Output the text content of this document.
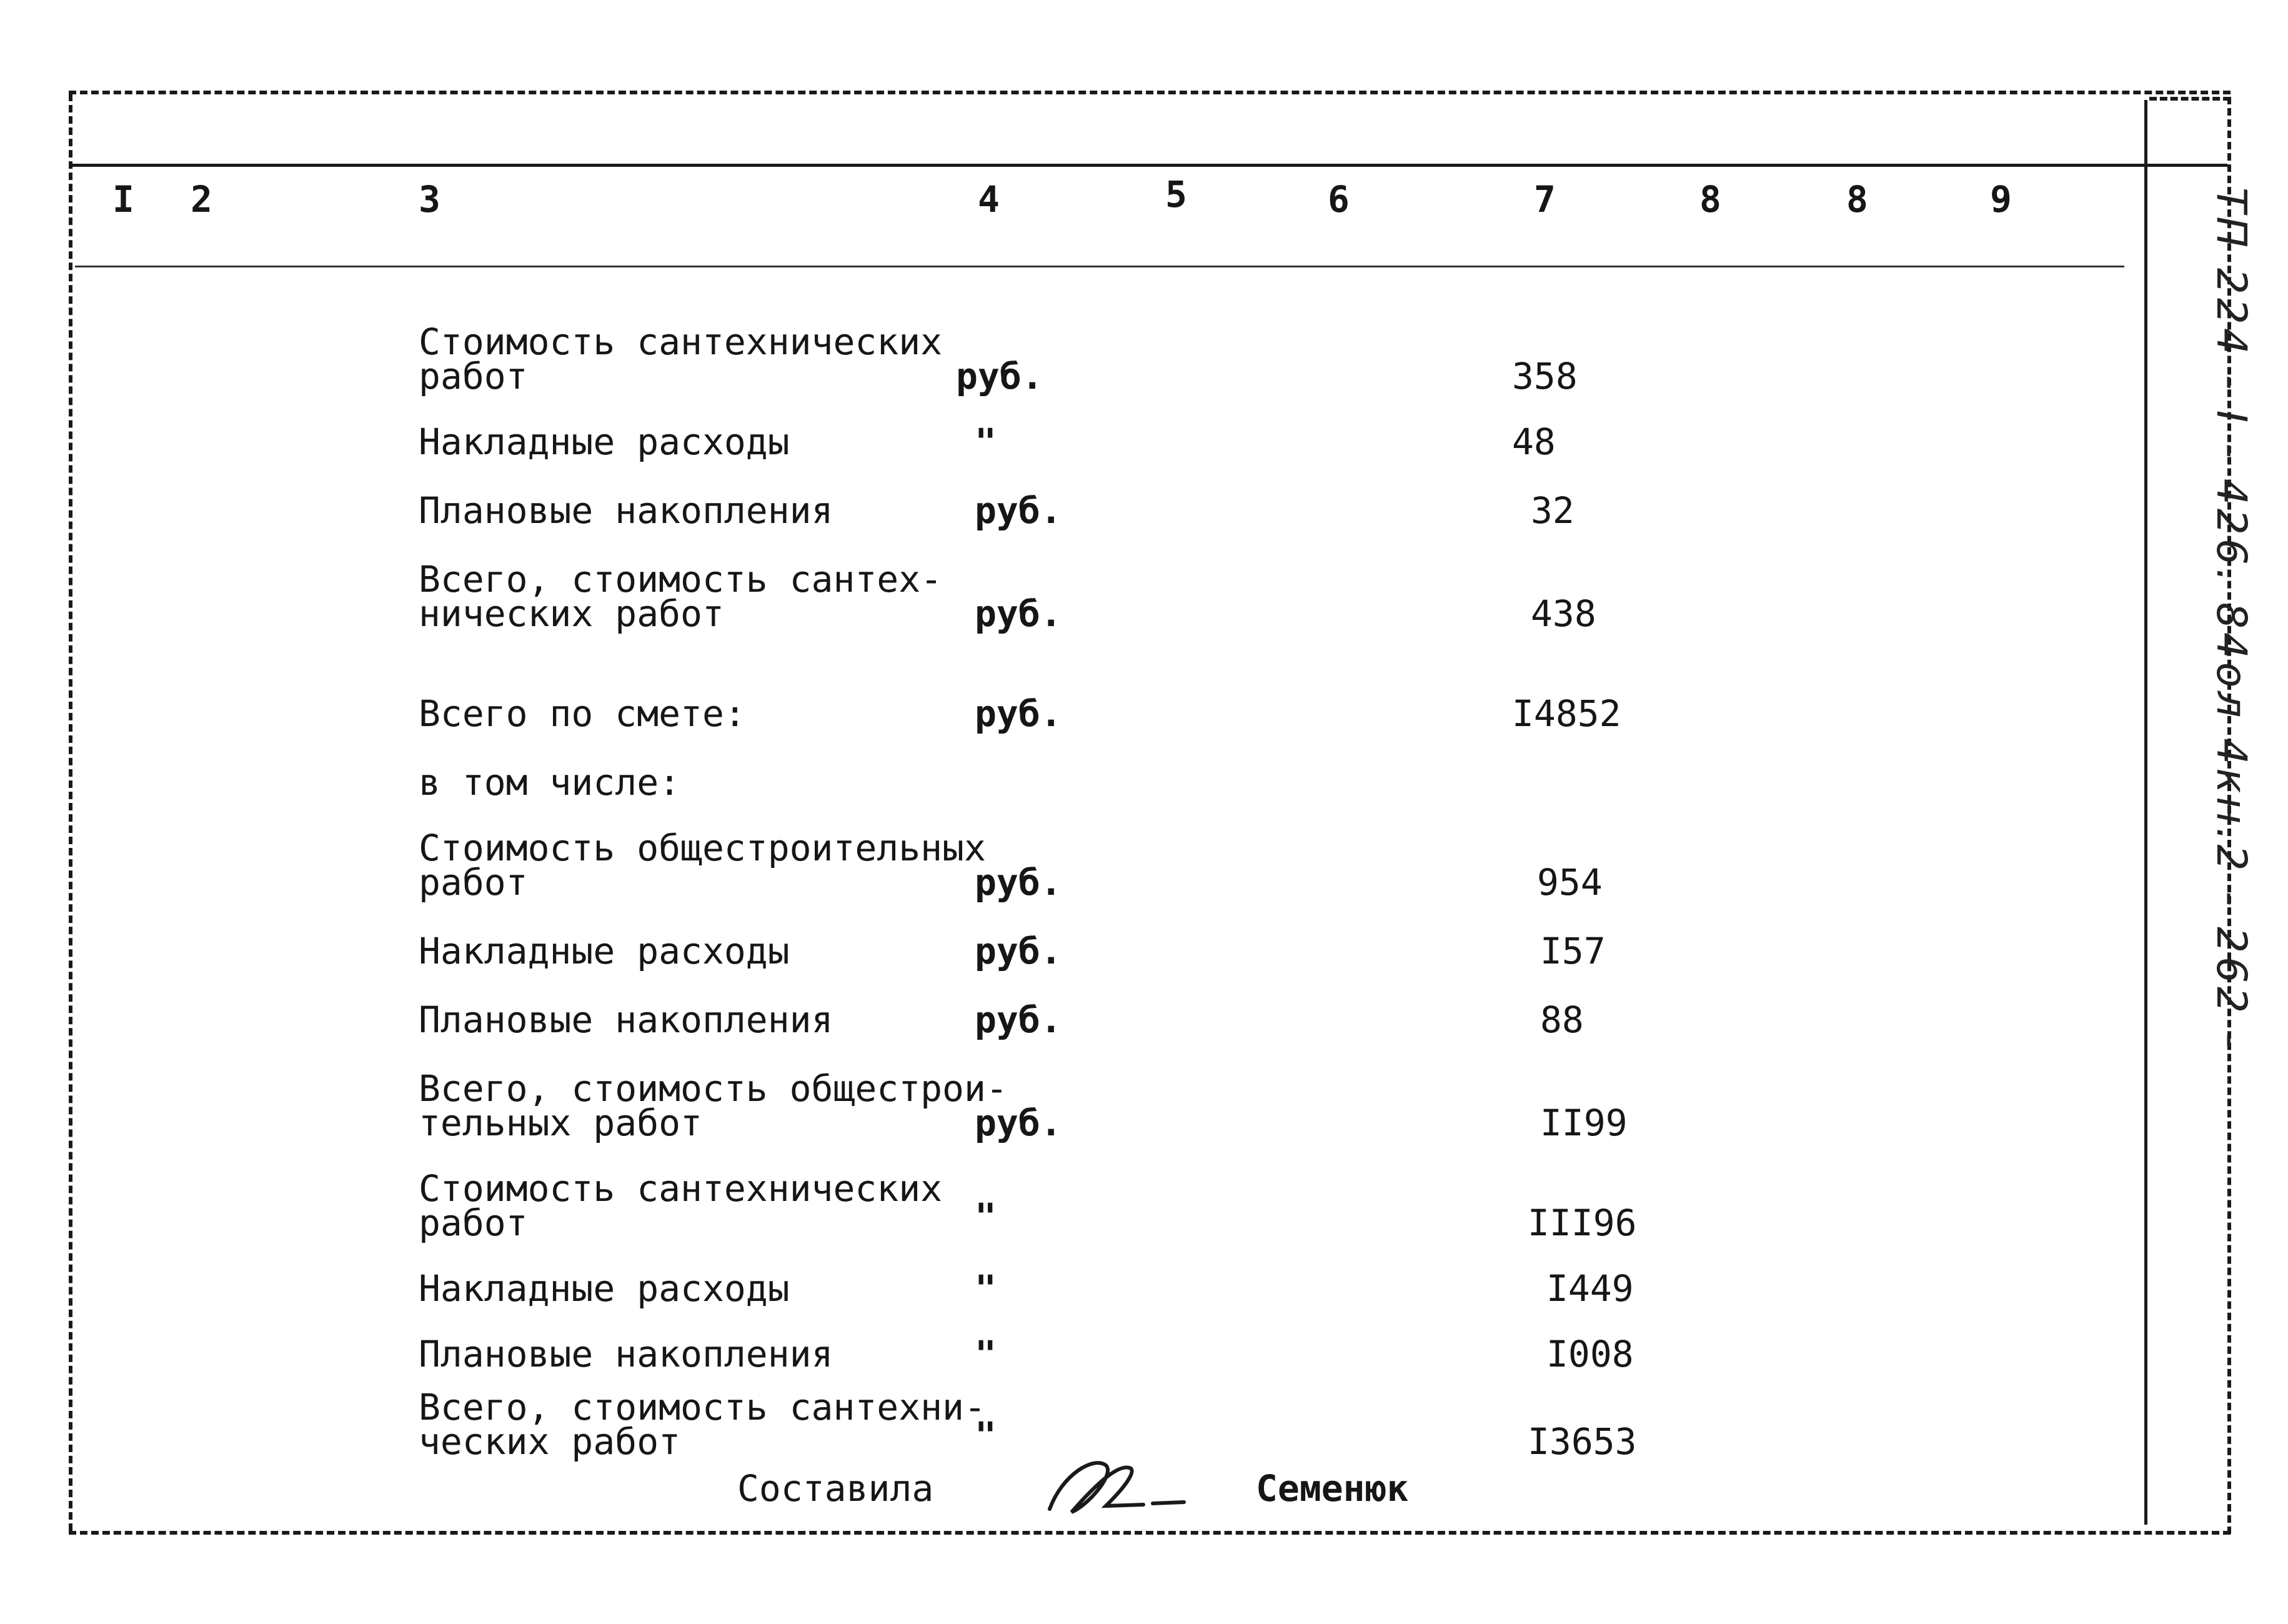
I 2	3	4	5	6	7	8	8	9	ТП 224 - I - 426. 84ол 4кн.2 - 262 -
Стоимость сантехнических
работ	руб.	358
Накладные расходы	"	48
Плановые накопления	руб.	32
Всего, стоимость сантех-
нических работ	руб.	438
Всего по смете:	руб.	I4852
в том числе:
Стоимость общестроительных
работ	руб.	954
Накладные расходы	руб.	I57
Плановые накопления	руб.	88
Всего, стоимость общестрои-
тельных работ	руб.	II99
Стоимость сантехнических
работ	"	III96
Накладные расходы	"	I449
Плановые накопления	"	I008
Всего, стоимость сантехни-
ческих работ	"	I3653
Составила	Семенюк
